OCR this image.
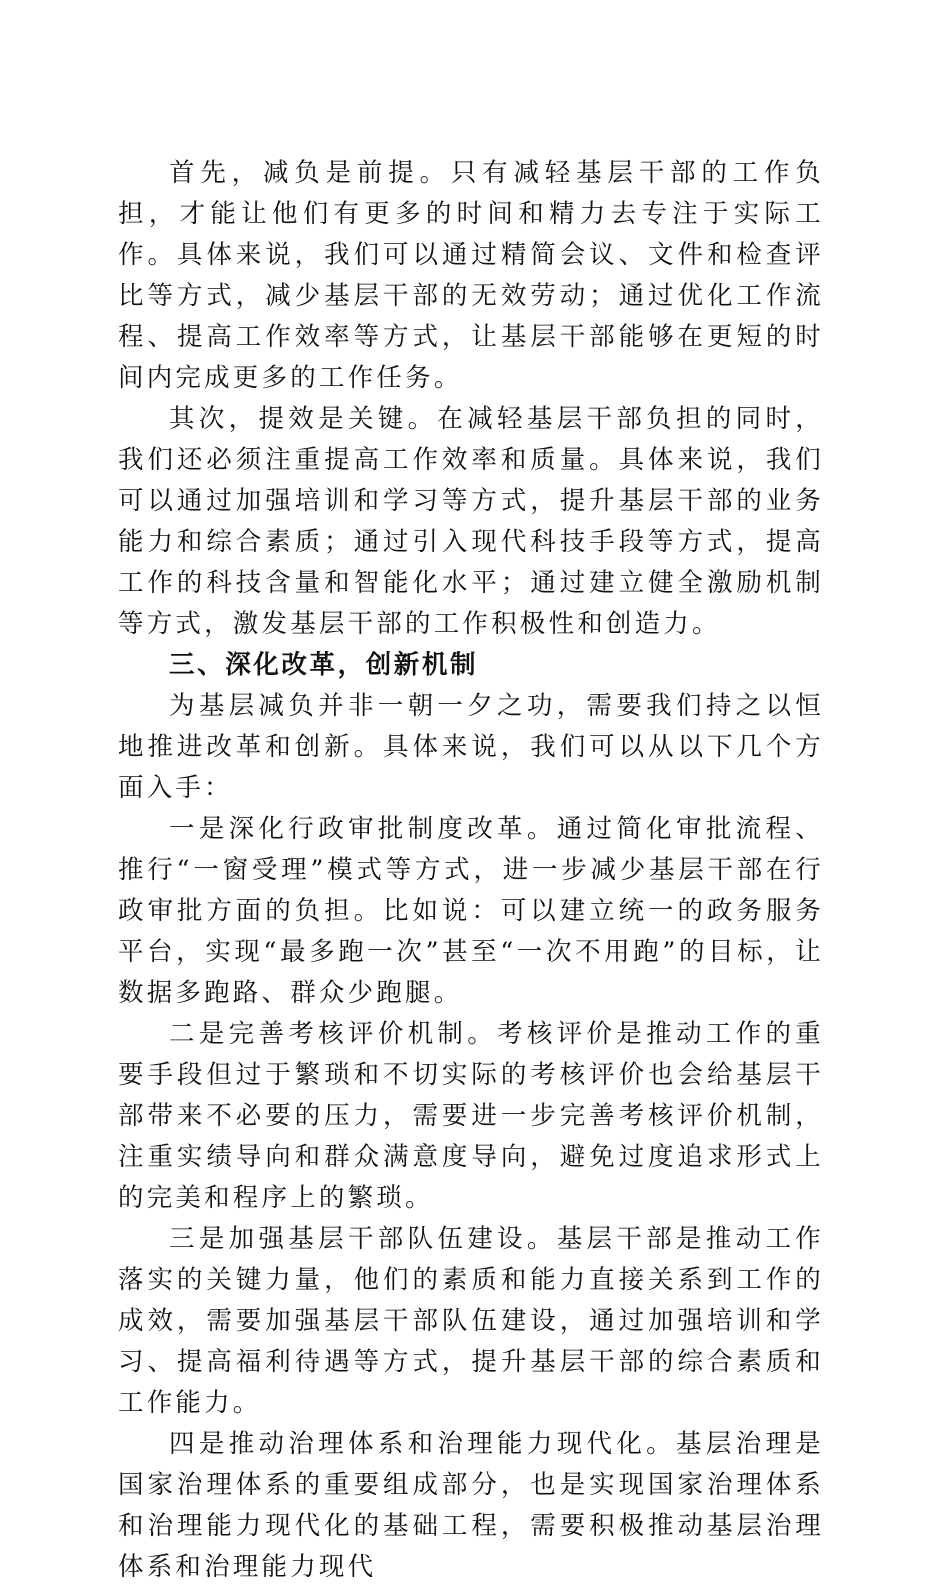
首先，减负是前提。只有减轻基层干部的工作负担，才能让他们有更多的时间和精力去专注于实际工作。具体来说，我们可以通过精简会议、文件和检查评比等方式，减少基层干部的无效劳动；通过优化工作流程、提高工作效率等方式，让基层干部能够在更短的时间内完成更多的工作任务。

其次，提效是关键。在减轻基层干部负担的同时，我们还必须注重提高工作效率和质量。具体来说，我们可以通过加强培训和学习等方式，提升基层干部的业务能力和综合素质；通过引入现代科技手段等方式，提高工作的科技含量和智能化水平；通过建立健全激励机制等方式，激发基层干部的工作积极性和创造力。

三、深化改革，创新机制

为基层减负并非一朝一夕之功，需要我们持之以恒地推进改革和创新。具体来说，我们可以从以下几个方面入手：

一是深化行政审批制度改革。通过简化审批流程、推行“一窗受理”模式等方式，进一步减少基层干部在行政审批方面的负担。比如说：可以建立统一的政务服务平台，实现“最多跑一次”甚至“一次不用跑”的目标，让数据多跑路、群众少跑腿。

二是完善考核评价机制。考核评价是推动工作的重要手段但过于繁琐和不切实际的考核评价也会给基层干部带来不必要的压力，需要进一步完善考核评价机制，注重实绩导向和群众满意度导向，避免过度追求形式上的完美和程序上的繁琐。

三是加强基层干部队伍建设。基层干部是推动工作落实的关键力量，他们的素质和能力直接关系到工作的成效，需要加强基层干部队伍建设，通过加强培训和学习、提高福利待遇等方式，提升基层干部的综合素质和工作能力。

四是推动治理体系和治理能力现代化。基层治理是国家治理体系的重要组成部分，也是实现国家治理体系和治理能力现代化的基础工程，需要积极推动基层治理体系和治理能力现代
